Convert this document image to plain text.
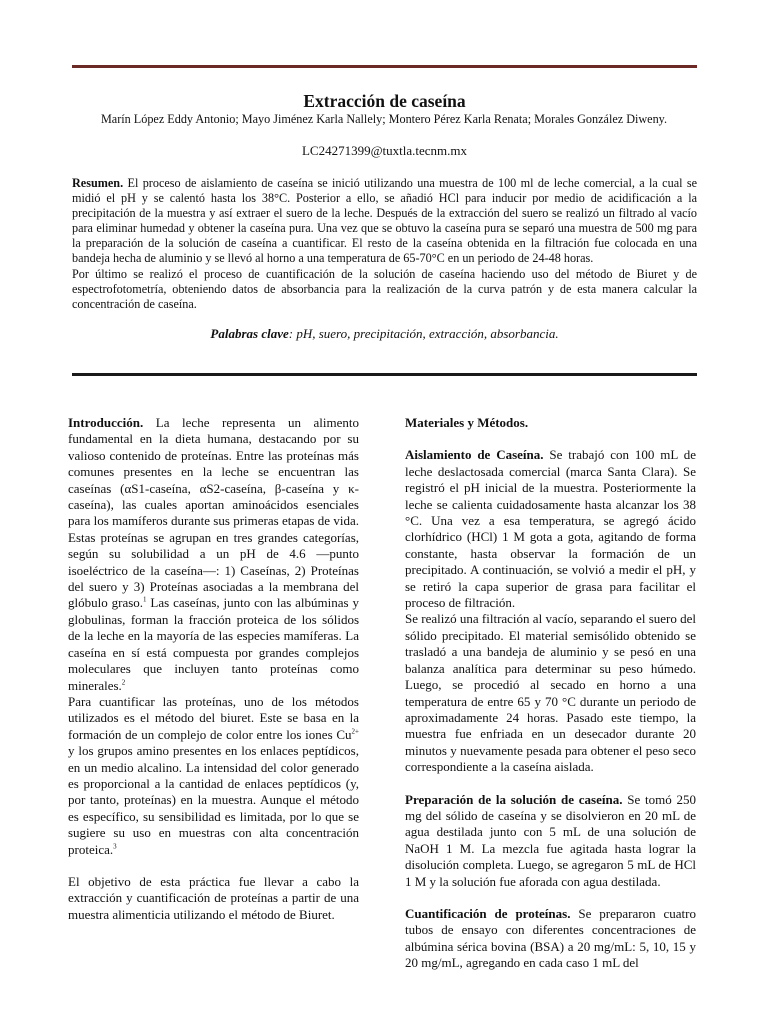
Extracción de caseína

Marín López Eddy Antonio; Mayo Jiménez Karla Nallely; Montero Pérez Karla Renata; Morales González Diweny.

LC24271399@tuxtla.tecnm.mx

Resumen. El proceso de aislamiento de caseína se inició utilizando una muestra de 100 ml de leche comercial, a la cual se midió el pH y se calentó hasta los 38°C. Posterior a ello, se añadió HCl para inducir por medio de acidificación a la precipitación de la muestra y así extraer el suero de la leche. Después de la extracción del suero se realizó un filtrado al vacío para eliminar humedad y obtener la caseína pura. Una vez que se obtuvo la caseína pura se separó una muestra de 500 mg para la preparación de la solución de caseína a cuantificar. El resto de la caseína obtenida en la filtración fue colocada en una bandeja hecha de aluminio y se llevó al horno a una temperatura de 65-70°C en un periodo de 24-48 horas.

Por último se realizó el proceso de cuantificación de la solución de caseína haciendo uso del método de Biuret y de espectrofotometría, obteniendo datos de absorbancia para la realización de la curva patrón y de esta manera calcular la concentración de caseína.

Palabras clave: pH, suero, precipitación, extracción, absorbancia.

Introducción. La leche representa un alimento fundamental en la dieta humana, destacando por su valioso contenido de proteínas. Entre las proteínas más comunes presentes en la leche se encuentran las caseínas (αS1-caseína, αS2-caseína, β-caseína y κ-caseína), las cuales aportan aminoácidos esenciales para los mamíferos durante sus primeras etapas de vida. Estas proteínas se agrupan en tres grandes categorías, según su solubilidad a un pH de 4.6 —punto isoeléctrico de la caseína—: 1) Caseínas, 2) Proteínas del suero y 3) Proteínas asociadas a la membrana del glóbulo graso.$^1$ Las caseínas, junto con las albúminas y globulinas, forman la fracción proteica de los sólidos de la leche en la mayoría de las especies mamíferas. La caseína en sí está compuesta por grandes complejos moleculares que incluyen tanto proteínas como minerales.$^2$

Para cuantificar las proteínas, uno de los métodos utilizados es el método del biuret. Este se basa en la formación de un complejo de color entre los iones $Cu^{2+}$ y los grupos amino presentes en los enlaces peptídicos, en un medio alcalino. La intensidad del color generado es proporcional a la cantidad de enlaces peptídicos (y, por tanto, proteínas) en la muestra. Aunque el método es específico, su sensibilidad es limitada, por lo que se sugiere su uso en muestras con alta concentración proteica.$^3$

El objetivo de esta práctica fue llevar a cabo la extracción y cuantificación de proteínas a partir de una muestra alimenticia utilizando el método de Biuret.

Materiales y Métodos.

Aislamiento de Caseína. Se trabajó con 100 mL de leche deslactosada comercial (marca Santa Clara). Se registró el pH inicial de la muestra. Posteriormente la leche se calienta cuidadosamente hasta alcanzar los 38 °C. Una vez a esa temperatura, se agregó ácido clorhídrico (HCl) 1 M gota a gota, agitando de forma constante, hasta observar la formación de un precipitado. A continuación, se volvió a medir el pH, y se retiró la capa superior de grasa para facilitar el proceso de filtración.

Se realizó una filtración al vacío, separando el suero del sólido precipitado. El material semisólido obtenido se trasladó a una bandeja de aluminio y se pesó en una balanza analítica para determinar su peso húmedo. Luego, se procedió al secado en horno a una temperatura de entre 65 y 70 °C durante un periodo de aproximadamente 24 horas. Pasado este tiempo, la muestra fue enfriada en un desecador durante 20 minutos y nuevamente pesada para obtener el peso seco correspondiente a la caseína aislada.

Preparación de la solución de caseína. Se tomó 250 mg del sólido de caseína y se disolvieron en 20 mL de agua destilada junto con 5 mL de una solución de NaOH 1 M. La mezcla fue agitada hasta lograr la disolución completa. Luego, se agregaron 5 mL de HCl 1 M y la solución fue aforada con agua destilada.

Cuantificación de proteínas. Se prepararon cuatro tubos de ensayo con diferentes concentraciones de albúmina sérica bovina (BSA) a 20 mg/mL: 5, 10, 15 y 20 mg/mL, agregando en cada caso 1 mL del
